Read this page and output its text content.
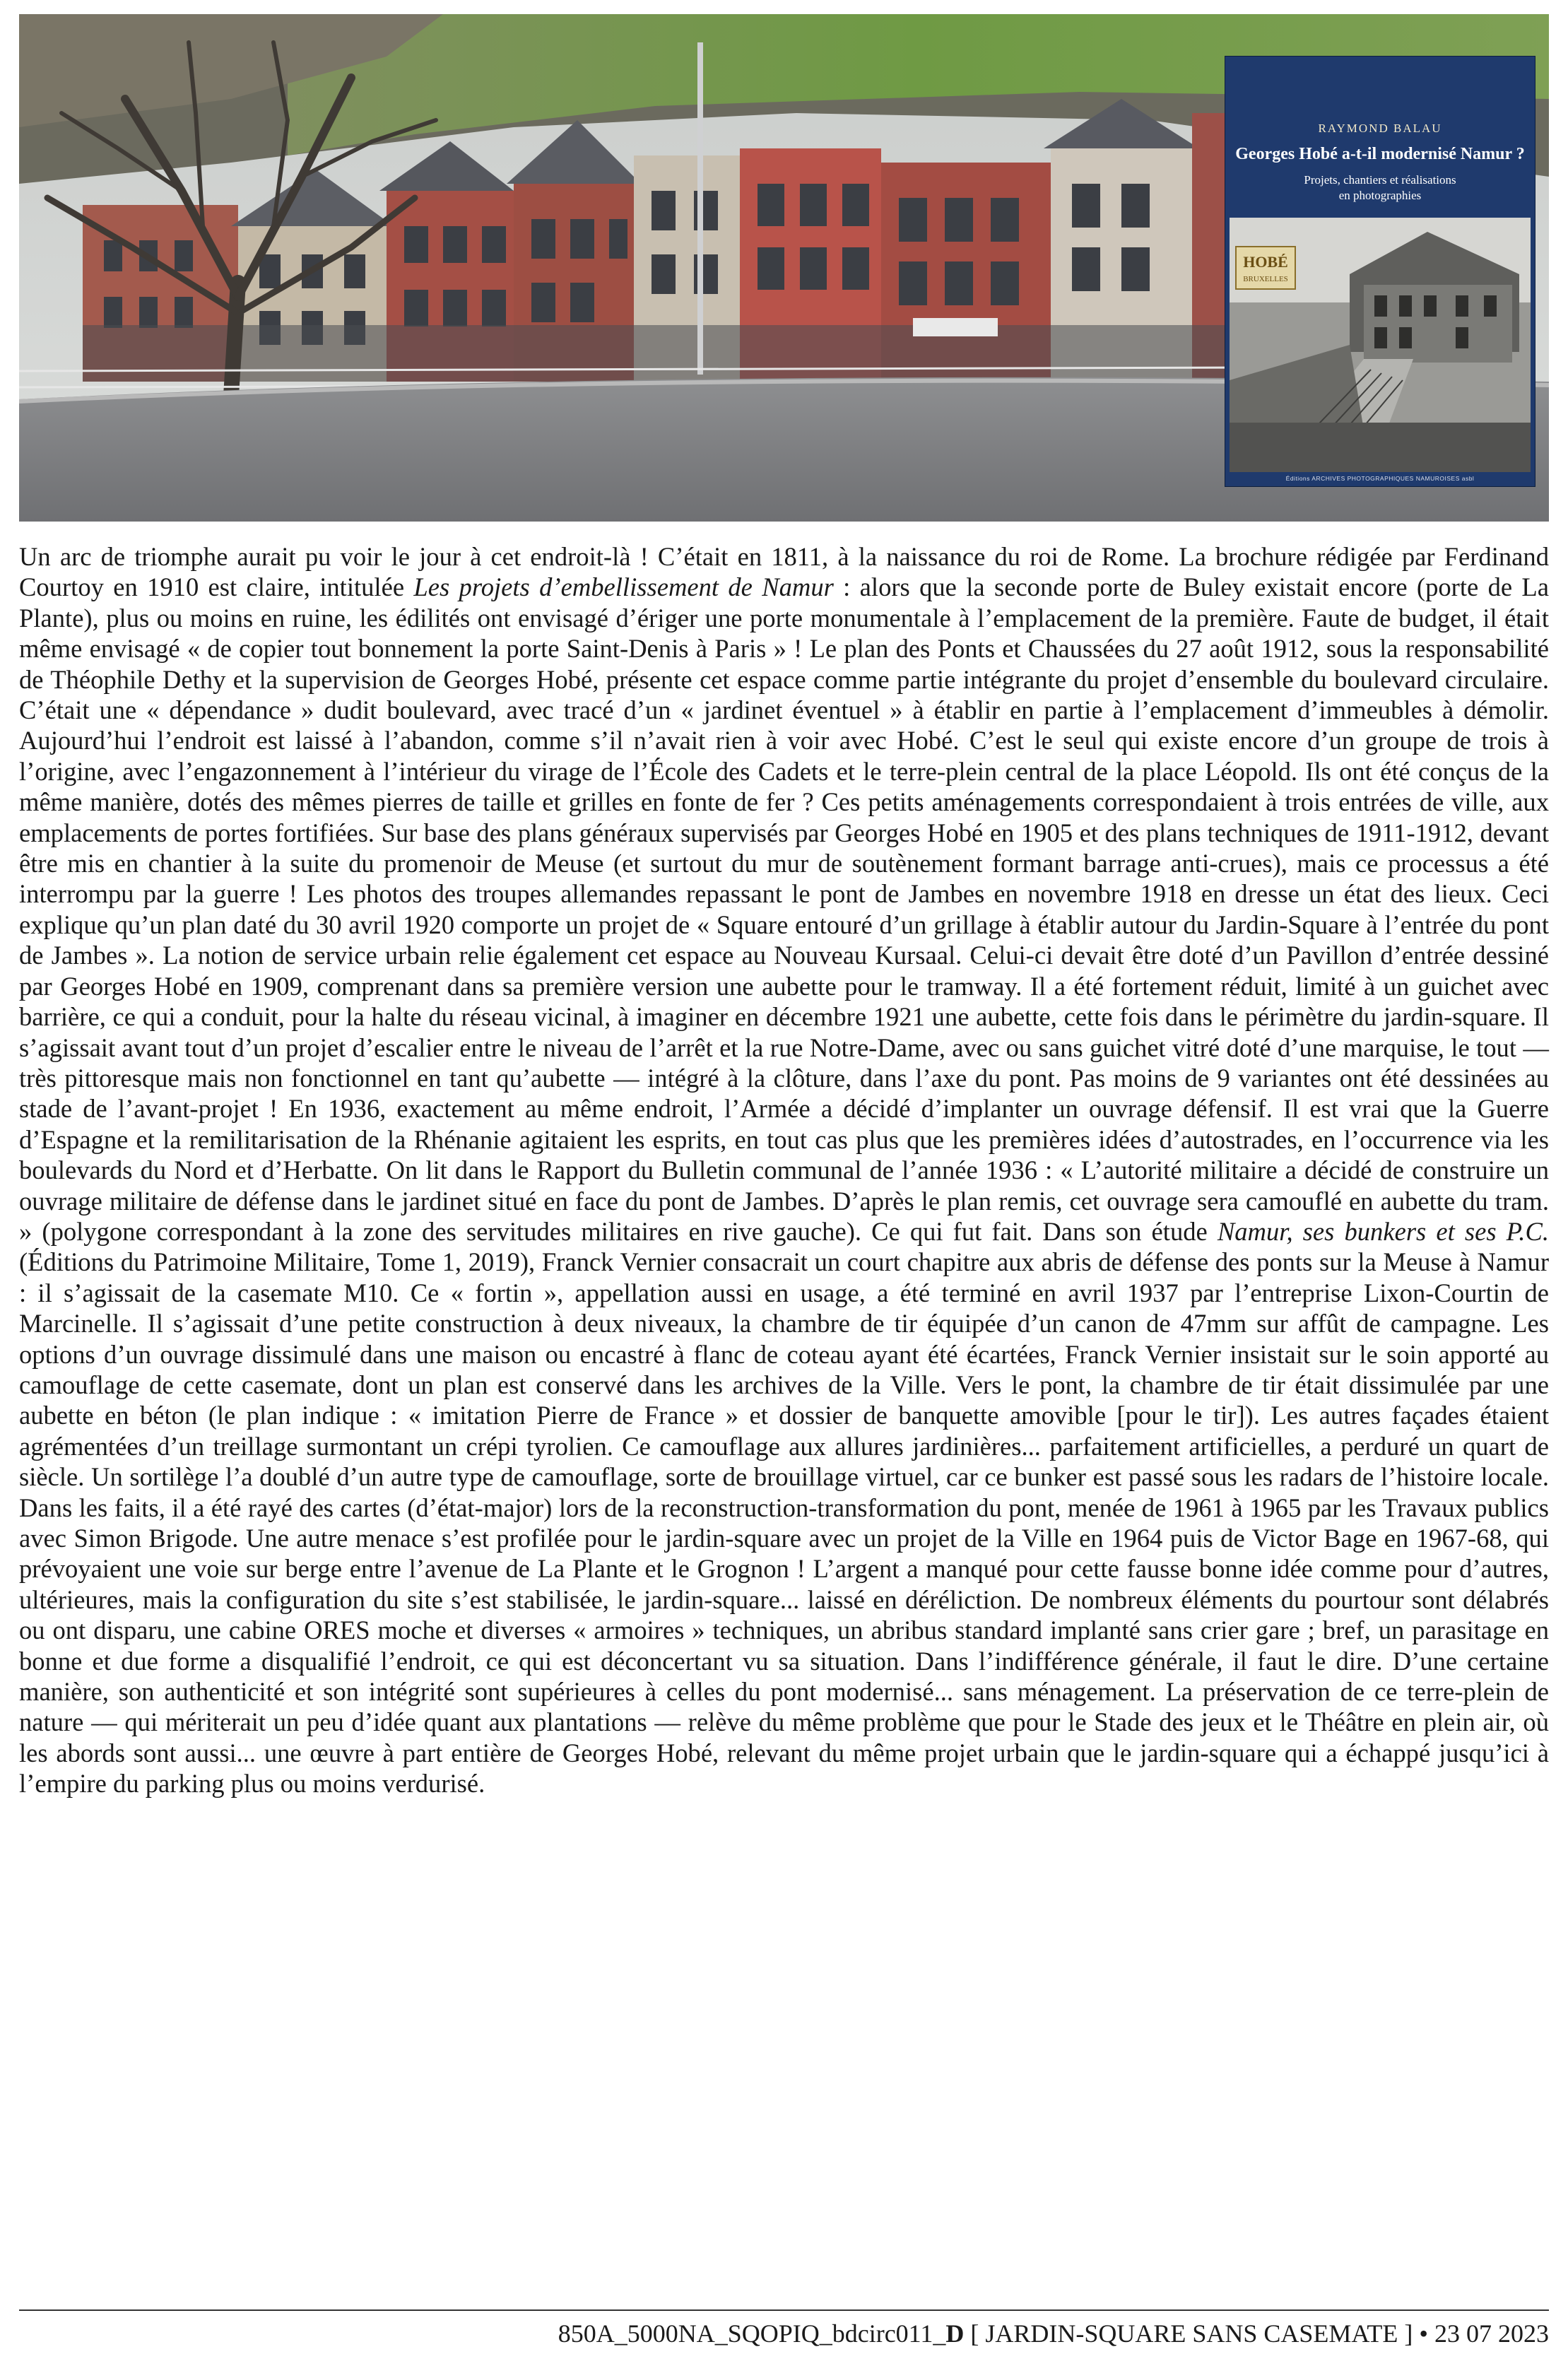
RAYMOND BALAU
Georges Hobé a-t-il modernisé Namur ?
Projets, chantiers et réalisations
en photographies
HOBÉ
BRUXELLES
Éditions ARCHIVES PHOTOGRAPHIQUES NAMUROISES asbl

Un arc de triomphe aurait pu voir le jour à cet endroit-là ! C’était en 1811, à la naissance du roi de Rome. La brochure rédigée par Ferdinand Courtoy en 1910 est claire, intitulée Les projets d’embellissement de Namur : alors que la seconde porte de Buley existait encore (porte de La Plante), plus ou moins en ruine, les édilités ont envisagé d’ériger une porte monumentale à l’emplacement de la première. Faute de budget, il était même envisagé « de copier tout bonnement la porte Saint-Denis à Paris » ! Le plan des Ponts et Chaussées du 27 août 1912, sous la responsabilité de Théophile Dethy et la supervision de Georges Hobé, présente cet espace comme partie intégrante du projet d’ensemble du boulevard circulaire. C’était une « dépendance » dudit boulevard, avec tracé d’un « jardinet éventuel » à établir en partie à l’emplacement d’immeubles à démolir. Aujourd’hui l’endroit est laissé à l’abandon, comme s’il n’avait rien à voir avec Hobé. C’est le seul qui existe encore d’un groupe de trois à l’origine, avec l’engazonnement à l’intérieur du virage de l’École des Cadets et le terre-plein central de la place Léopold. Ils ont été conçus de la même manière, dotés des mêmes pierres de taille et grilles en fonte de fer ? Ces petits aménagements correspondaient à trois entrées de ville, aux emplacements de portes fortifiées. Sur base des plans généraux supervisés par Georges Hobé en 1905 et des plans techniques de 1911-1912, devant être mis en chantier à la suite du promenoir de Meuse (et surtout du mur de soutènement formant barrage anti-crues), mais ce processus a été interrompu par la guerre ! Les photos des troupes allemandes repassant le pont de Jambes en novembre 1918 en dresse un état des lieux. Ceci explique qu’un plan daté du 30 avril 1920 comporte un projet de « Square entouré d’un grillage à établir autour du Jardin-Square à l’entrée du pont de Jambes ». La notion de service urbain relie également cet espace au Nouveau Kursaal. Celui-ci devait être doté d’un Pavillon d’entrée dessiné par Georges Hobé en 1909, comprenant dans sa première version une aubette pour le tramway. Il a été fortement réduit, limité à un guichet avec barrière, ce qui a conduit, pour la halte du réseau vicinal, à imaginer en décembre 1921 une aubette, cette fois dans le périmètre du jardin-square. Il s’agissait avant tout d’un projet d’escalier entre le niveau de l’arrêt et la rue Notre-Dame, avec ou sans guichet vitré doté d’une marquise, le tout — très pittoresque mais non fonctionnel en tant qu’aubette — intégré à la clôture, dans l’axe du pont. Pas moins de 9 variantes ont été dessinées au stade de l’avant-projet ! En 1936, exactement au même endroit, l’Armée a décidé d’implanter un ouvrage défensif. Il est vrai que la Guerre d’Espagne et la remilitarisation de la Rhénanie agitaient les esprits, en tout cas plus que les premières idées d’autostrades, en l’occurrence via les boulevards du Nord et d’Herbatte. On lit dans le Rapport du Bulletin communal de l’année 1936 : « L’autorité militaire a décidé de construire un ouvrage militaire de défense dans le jardinet situé en face du pont de Jambes. D’après le plan remis, cet ouvrage sera camouflé en aubette du tram. » (polygone correspondant à la zone des servitudes militaires en rive gauche). Ce qui fut fait. Dans son étude Namur, ses bunkers et ses P.C. (Éditions du Patrimoine Militaire, Tome 1, 2019), Franck Vernier consacrait un court chapitre aux abris de défense des ponts sur la Meuse à Namur : il s’agissait de la casemate M10. Ce « fortin », appellation aussi en usage, a été terminé en avril 1937 par l’entreprise Lixon-Courtin de Marcinelle. Il s’agissait d’une petite construction à deux niveaux, la chambre de tir équipée d’un canon de 47mm sur affût de campagne. Les options d’un ouvrage dissimulé dans une maison ou encastré à flanc de coteau ayant été écartées, Franck Vernier insistait sur le soin apporté au camouflage de cette casemate, dont un plan est conservé dans les archives de la Ville. Vers le pont, la chambre de tir était dissimulée par une aubette en béton (le plan indique : « imitation Pierre de France » et dossier de banquette amovible [pour le tir]). Les autres façades étaient agrémentées d’un treillage surmontant un crépi tyrolien. Ce camouflage aux allures jardinières... parfaitement artificielles, a perduré un quart de siècle. Un sortilège l’a doublé d’un autre type de camouflage, sorte de brouillage virtuel, car ce bunker est passé sous les radars de l’histoire locale. Dans les faits, il a été rayé des cartes (d’état-major) lors de la reconstruction-transformation du pont, menée de 1961 à 1965 par les Travaux publics avec Simon Brigode. Une autre menace s’est profilée pour le jardin-square avec un projet de la Ville en 1964 puis de Victor Bage en 1967-68, qui prévoyaient une voie sur berge entre l’avenue de La Plante et le Grognon ! L’argent a manqué pour cette fausse bonne idée comme pour d’autres, ultérieures, mais la configuration du site s’est stabilisée, le jardin-square... laissé en déréliction. De nombreux éléments du pourtour sont délabrés ou ont disparu, une cabine ORES moche et diverses « armoires » techniques, un abribus standard implanté sans crier gare ; bref, un parasitage en bonne et due forme a disqualifié l’endroit, ce qui est déconcertant vu sa situation. Dans l’indifférence générale, il faut le dire. D’une certaine manière, son authenticité et son intégrité sont supérieures à celles du pont modernisé... sans ménagement. La préservation de ce terre-plein de nature — qui mériterait un peu d’idée quant aux plantations — relève du même problème que pour le Stade des jeux et le Théâtre en plein air, où les abords sont aussi... une œuvre à part entière de Georges Hobé, relevant du même projet urbain que le jardin-square qui a échappé jusqu’ici à l’empire du parking plus ou moins verdurisé.

850A_5000NA_SQOPIQ_bdcirc011_D [ JARDIN-SQUARE SANS CASEMATE ] • 23 07 2023
